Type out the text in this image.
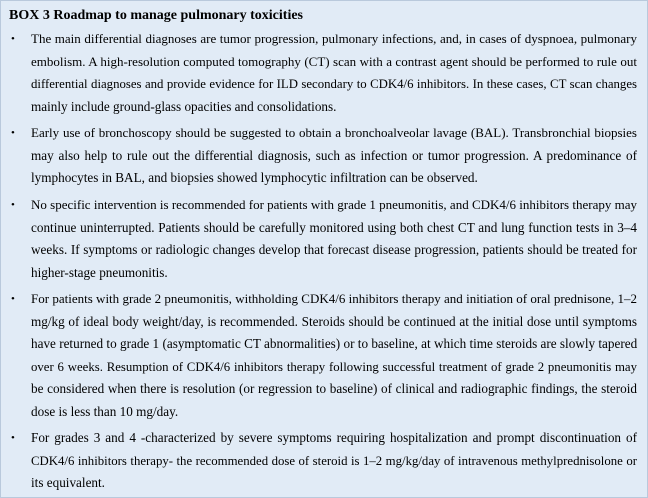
BOX 3 Roadmap to manage pulmonary toxicities
• The main differential diagnoses are tumor progression, pulmonary infections, and, in cases of dyspnoea, pulmonary
embolism. A high-resolution computed tomography (CT) scan with a contrast agent should be performed to rule out
differential diagnoses and provide evidence for ILD secondary to CDK4/6 inhibitors. In these cases, CT scan changes
mainly include ground-glass opacities and consolidations.
• Early use of bronchoscopy should be suggested to obtain a bronchoalveolar lavage (BAL). Transbronchial biopsies
may also help to rule out the differential diagnosis, such as infection or tumor progression. A predominance of
lymphocytes in BAL, and biopsies showed lymphocytic infiltration can be observed.
• No specific intervention is recommended for patients with grade 1 pneumonitis, and CDK4/6 inhibitors therapy may
continue uninterrupted. Patients should be carefully monitored using both chest CT and lung function tests in 3–4
weeks. If symptoms or radiologic changes develop that forecast disease progression, patients should be treated for
higher-stage pneumonitis.
• For patients with grade 2 pneumonitis, withholding CDK4/6 inhibitors therapy and initiation of oral prednisone, 1–2
mg/kg of ideal body weight/day, is recommended. Steroids should be continued at the initial dose until symptoms
have returned to grade 1 (asymptomatic CT abnormalities) or to baseline, at which time steroids are slowly tapered
over 6 weeks. Resumption of CDK4/6 inhibitors therapy following successful treatment of grade 2 pneumonitis may
be considered when there is resolution (or regression to baseline) of clinical and radiographic findings, the steroid
dose is less than 10 mg/day.
• For grades 3 and 4 -characterized by severe symptoms requiring hospitalization and prompt discontinuation of
CDK4/6 inhibitors therapy- the recommended dose of steroid is 1–2 mg/kg/day of intravenous methylprednisolone or
its equivalent.
